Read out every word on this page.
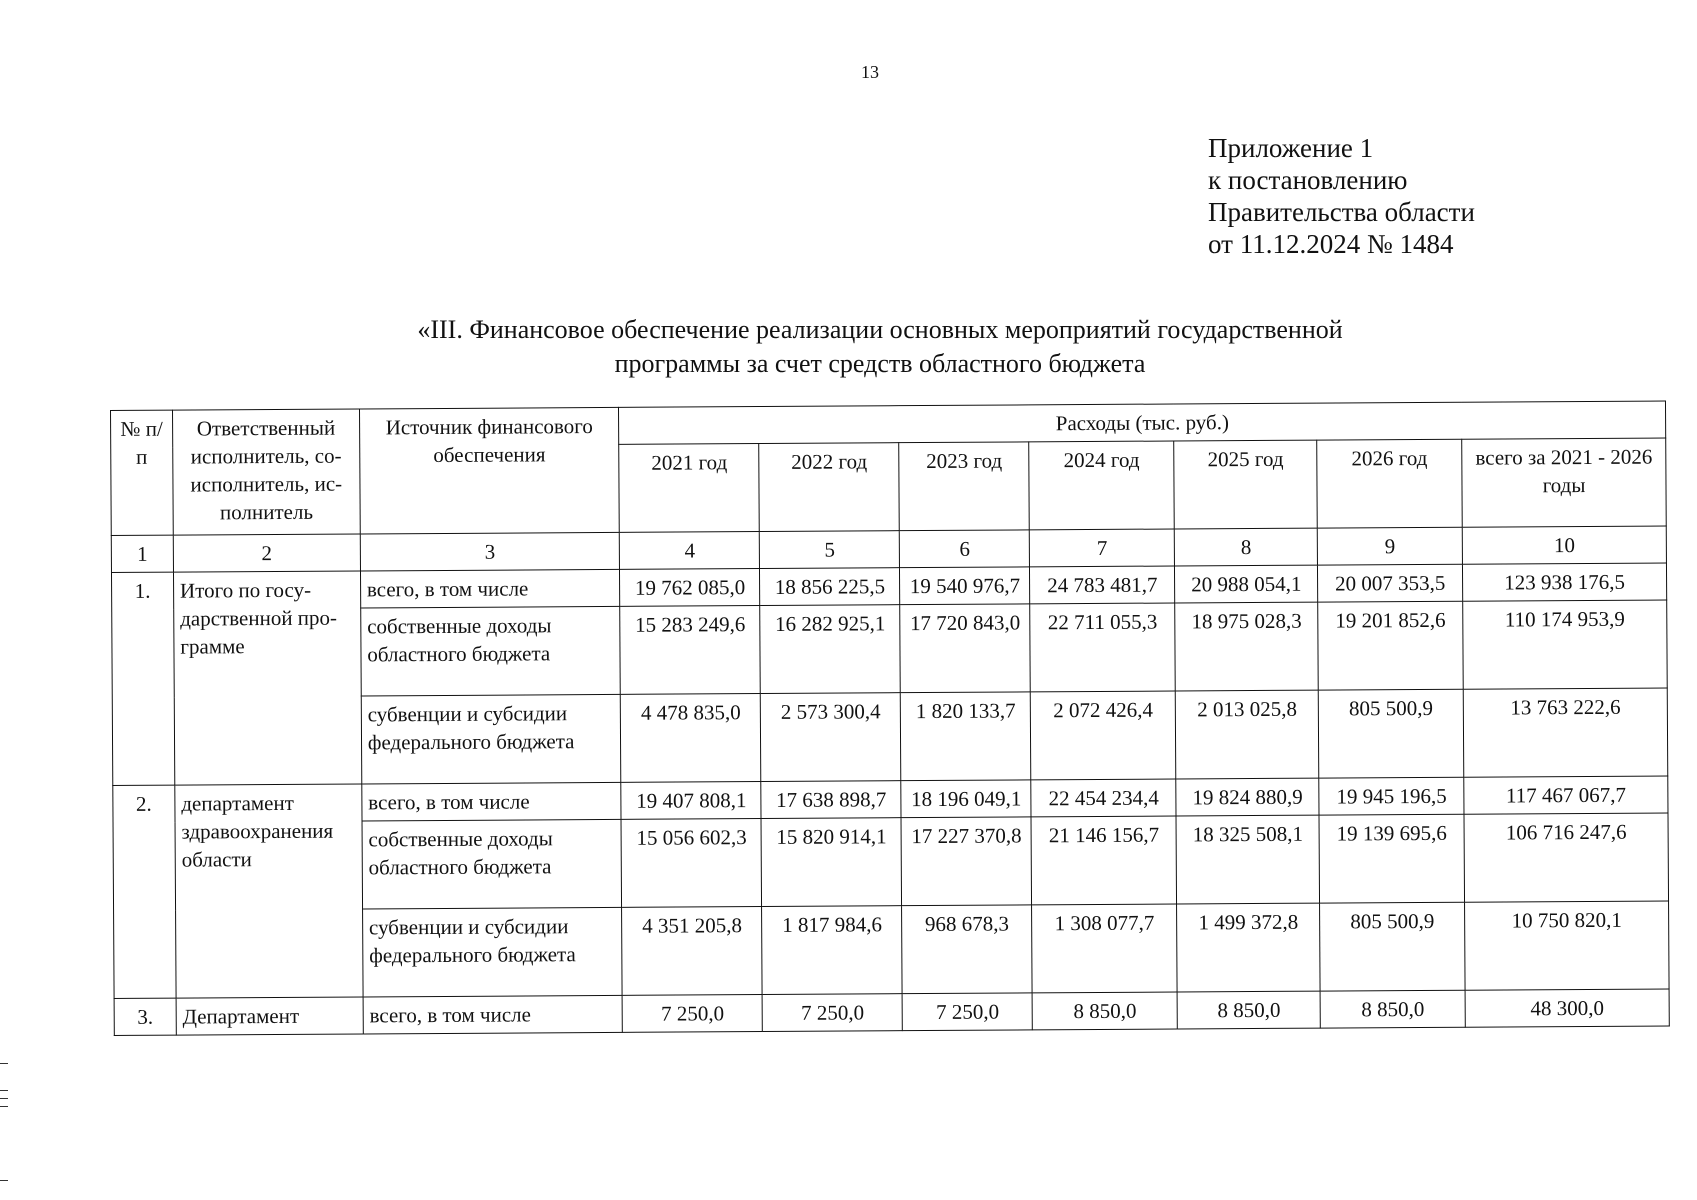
13
Приложение 1
к постановлению
Правительства области
от 11.12.2024 № 1484
«III. Финансовое обеспечение реализации основных мероприятий государственной
программы за счет средств областного бюджета
№ п/п	Ответственный исполнитель, со-исполнитель, ис-полнитель	Источник финансового обеспечения	Расходы (тыс. руб.)						
			2021 год	2022 год	2023 год	2024 год	2025 год	2026 год	всего за 2021 - 2026 годы
1	2	3	4	5	6	7	8	9	10
1.	Итого по госу-дарственной про-грамме	всего, в том числе	19 762 085,0	18 856 225,5	19 540 976,7	24 783 481,7	20 988 054,1	20 007 353,5	123 938 176,5
		собственные доходы областного бюджета	15 283 249,6	16 282 925,1	17 720 843,0	22 711 055,3	18 975 028,3	19 201 852,6	110 174 953,9
		субвенции и субсидии федерального бюджета	4 478 835,0	2 573 300,4	1 820 133,7	2 072 426,4	2 013 025,8	805 500,9	13 763 222,6
2.	департамент здравоохранения области	всего, в том числе	19 407 808,1	17 638 898,7	18 196 049,1	22 454 234,4	19 824 880,9	19 945 196,5	117 467 067,7
		собственные доходы областного бюджета	15 056 602,3	15 820 914,1	17 227 370,8	21 146 156,7	18 325 508,1	19 139 695,6	106 716 247,6
		субвенции и субсидии федерального бюджета	4 351 205,8	1 817 984,6	968 678,3	1 308 077,7	1 499 372,8	805 500,9	10 750 820,1
3.	Департамент	всего, в том числе	7 250,0	7 250,0	7 250,0	8 850,0	8 850,0	8 850,0	48 300,0
